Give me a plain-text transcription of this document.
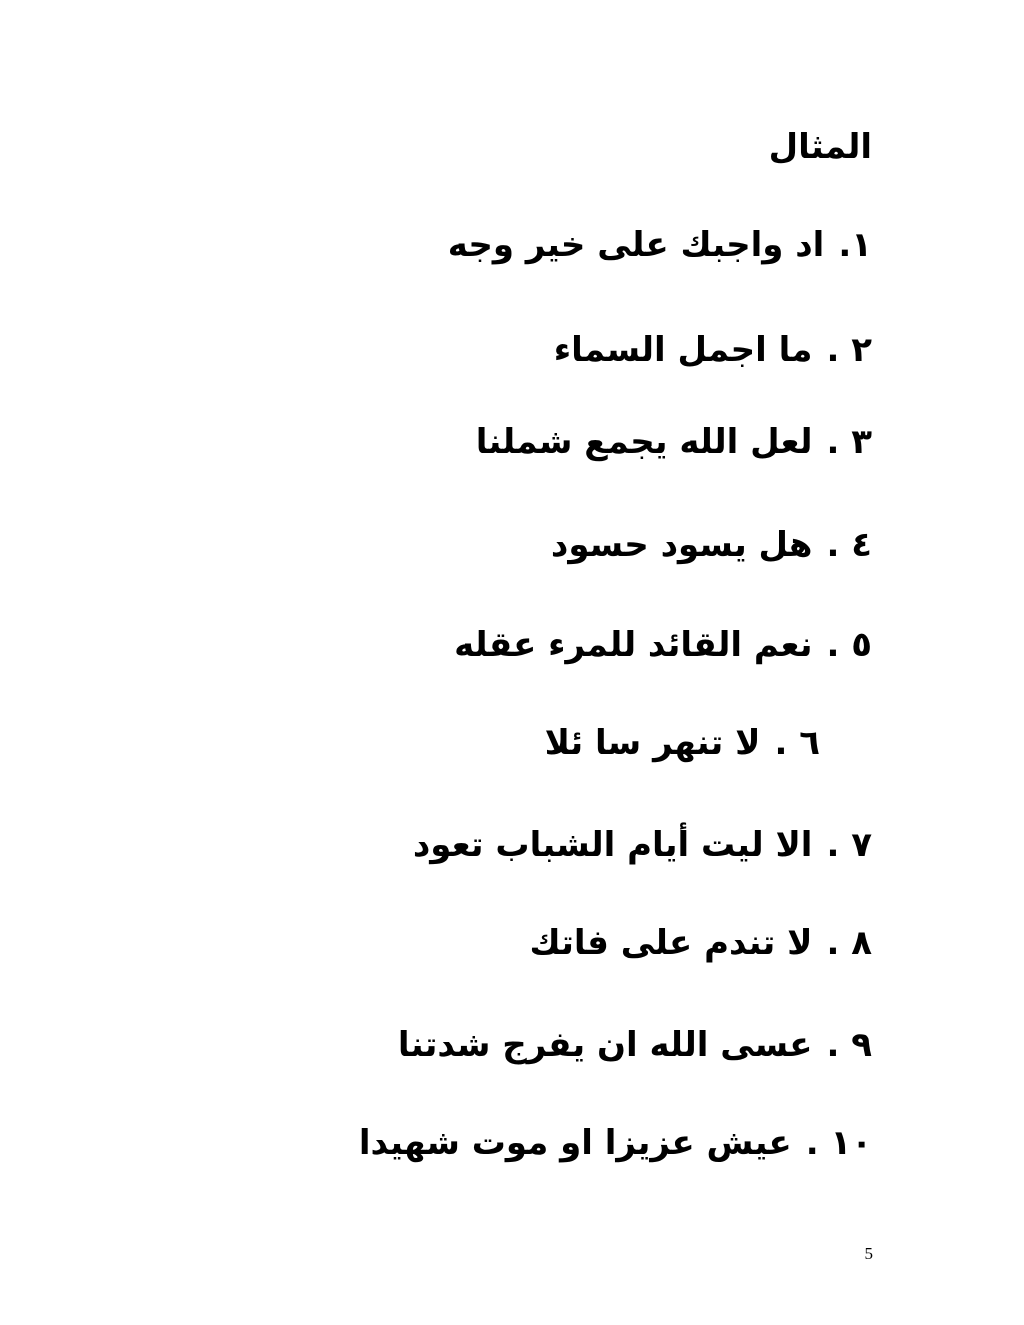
المثال
١.اد واجبك على خير وجه
٢ .ما اجمل السماء
٣ .لعل الله يجمع شملنا
٤ .هل يسود حسود
٥ .نعم القائد للمرء عقله
٦ .لا تنهر سا ئلا
٧ .الا ليت أيام الشباب تعود
٨ .لا تندم على فاتك
٩ .عسى الله ان يفرج شدتنا
١٠ .عيش عزيزا او موت شهيدا
5
